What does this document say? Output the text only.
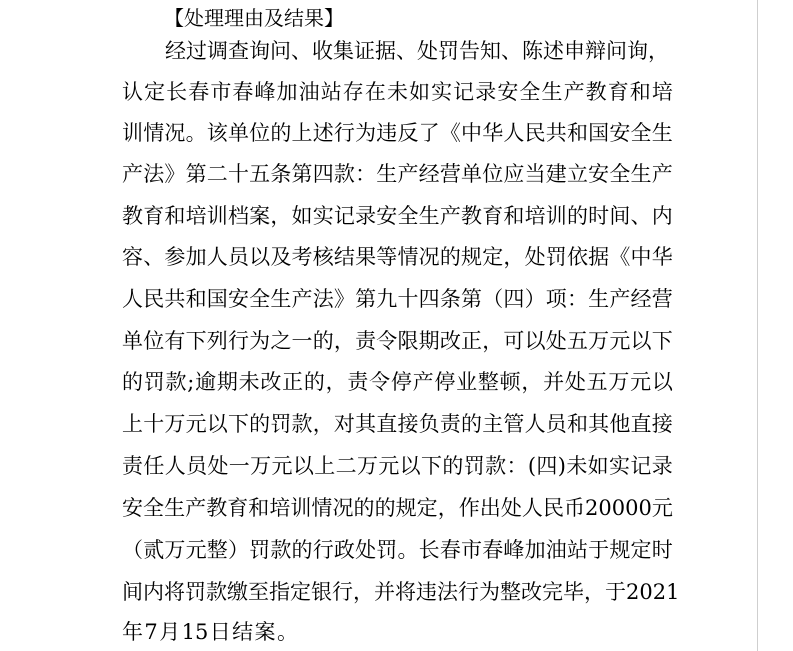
【处理理由及结果】
经 过 调 查 询 问 、 收 集 证 据 、 处 罚 告 知 、 陈 述 申 辩 问 询 ，
认 定 长 春 市 春 峰 加 油 站 存 在 未 如 实 记 录 安 全 生 产 教 育 和 培
训 情 况 。 该 单 位 的 上 述 行 为 违 反 了 《 中 华 人 民 共 和 国 安 全 生
产 法 》 第 二 十 五 条 第 四 款 ： 生 产 经 营 单 位 应 当 建 立 安 全 生 产
教 育 和 培 训 档 案 ， 如 实 记 录 安 全 生 产 教 育 和 培 训 的 时 间 、 内
容 、 参 加 人 员 以 及 考 核 结 果 等 情 况 的 规 定 ， 处 罚 依 据 《 中 华
人 民 共 和 国 安 全 生 产 法 》 第 九 十 四 条 第 （ 四 ） 项 ： 生 产 经 营
单 位 有 下 列 行 为 之 一 的 ， 责 令 限 期 改 正 ， 可 以 处 五 万 元 以 下
的 罚 款 ; 逾 期 未 改 正 的 ， 责 令 停 产 停 业 整 顿 ， 并 处 五 万 元 以
上 十 万 元 以 下 的 罚 款 ， 对 其 直 接 负 责 的 主 管 人 员 和 其 他 直 接
责 任 人 员 处 一 万 元 以 上 二 万 元 以 下 的 罚 款 ： ( 四 ) 未 如 实 记 录
安 全 生 产 教 育 和 培 训 情 况 的 的 规 定 ， 作 出 处 人 民 币 20000 元
（ 贰 万 元 整 ） 罚 款 的 行 政 处 罚 。 长 春 市 春 峰 加 油 站 于 规 定 时
间 内 将 罚 款 缴 至 指 定 银 行 ， 并 将 违 法 行 为 整 改 完 毕 ， 于 2021
年 7 月 15 日 结 案 。
